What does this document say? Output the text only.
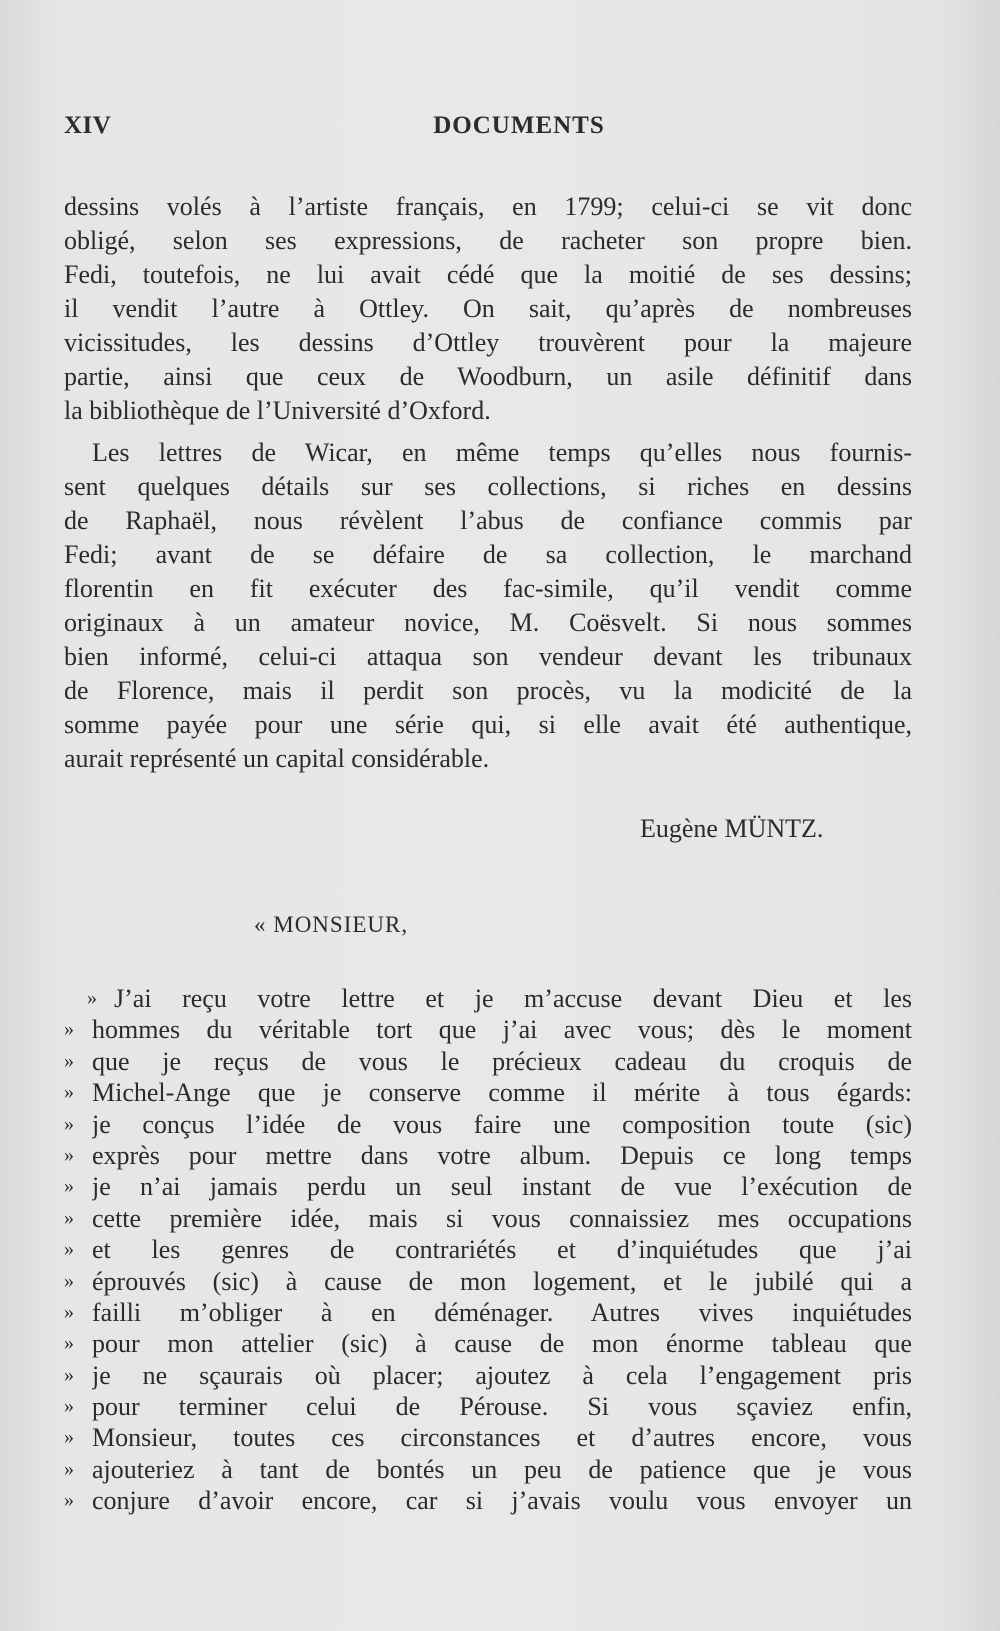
XIV	DOCUMENTS
dessins volés à l’artiste français, en 1799; celui-ci se vit donc
obligé, selon ses expressions, de racheter son propre bien.
Fedi, toutefois, ne lui avait cédé que la moitié de ses dessins;
il vendit l’autre à Ottley. On sait, qu’après de nombreuses
vicissitudes, les dessins d’Ottley trouvèrent pour la majeure
partie, ainsi que ceux de Woodburn, un asile définitif dans
la bibliothèque de l’Université d’Oxford.
Les lettres de Wicar, en même temps qu’elles nous fournis-
sent quelques détails sur ses collections, si riches en dessins
de Raphaël, nous révèlent l’abus de confiance commis par
Fedi; avant de se défaire de sa collection, le marchand
florentin en fit exécuter des fac-simile, qu’il vendit comme
originaux à un amateur novice, M. Coësvelt. Si nous sommes
bien informé, celui-ci attaqua son vendeur devant les tribunaux
de Florence, mais il perdit son procès, vu la modicité de la
somme payée pour une série qui, si elle avait été authentique,
aurait représenté un capital considérable.
Eugène MÜNTZ.
« MONSIEUR,
» J’ai reçu votre lettre et je m’accuse devant Dieu et les
» hommes du véritable tort que j’ai avec vous; dès le moment
» que je reçus de vous le précieux cadeau du croquis de
» Michel-Ange que je conserve comme il mérite à tous égards:
» je conçus l’idée de vous faire une composition toute (sic)
» exprès pour mettre dans votre album. Depuis ce long temps
» je n’ai jamais perdu un seul instant de vue l’exécution de
» cette première idée, mais si vous connaissiez mes occupations
» et les genres de contrariétés et d’inquiétudes que j’ai
» éprouvés (sic) à cause de mon logement, et le jubilé qui a
» failli m’obliger à en déménager. Autres vives inquiétudes
» pour mon attelier (sic) à cause de mon énorme tableau que
» je ne sçaurais où placer; ajoutez à cela l’engagement pris
» pour terminer celui de Pérouse. Si vous sçaviez enfin,
» Monsieur, toutes ces circonstances et d’autres encore, vous
» ajouteriez à tant de bontés un peu de patience que je vous
» conjure d’avoir encore, car si j’avais voulu vous envoyer un
